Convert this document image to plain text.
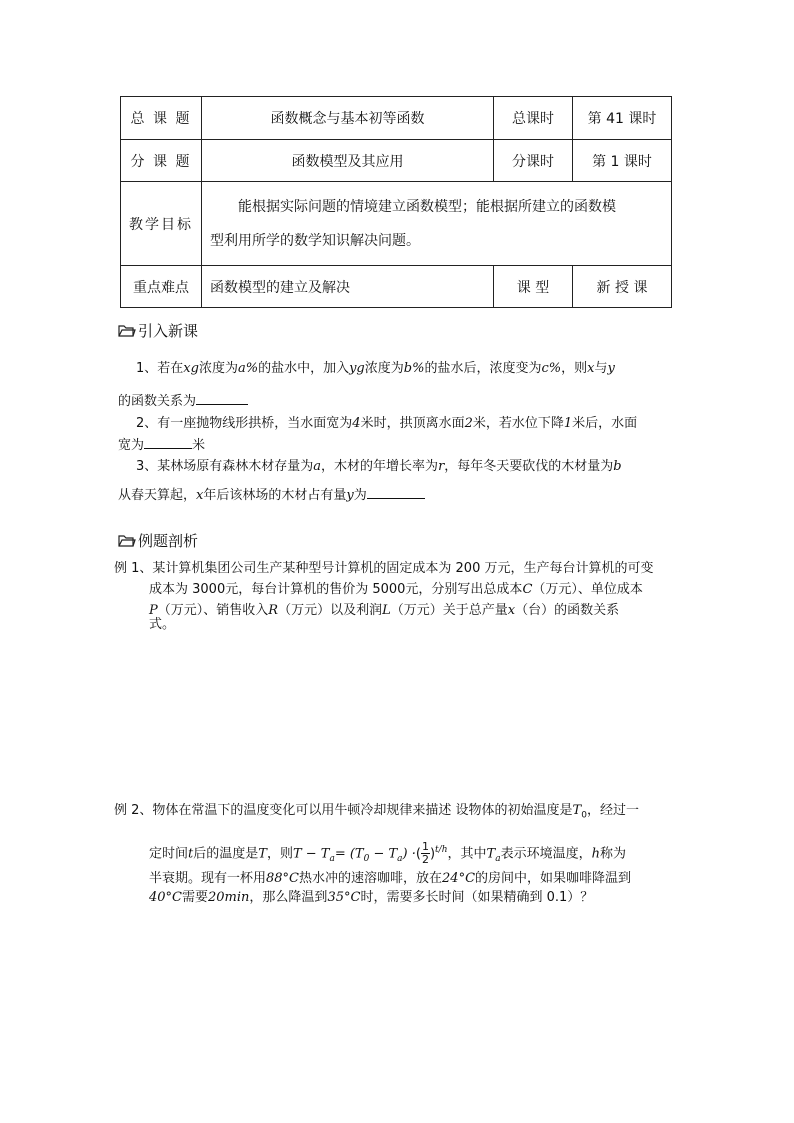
总 课 题	函数概念与基本初等函数	总课时	第 41 课时
分 课 题	函数模型及其应用	分课时	第 1 课时
教学目标	能根据实际问题的情境建立函数模型；能根据所建立的函数模
型利用所学的数学知识解决问题。		

重点难点	函数模型的建立及解决	课 型	新 授 课
引入新课
1、若在xg浓度为a%的盐水中，加入yg浓度为b%的盐水后，浓度变为c%，则x与y
的函数关系为
2、有一座抛物线形拱桥，当水面宽为4米时，拱顶离水面2米，若水位下降1米后，水面
宽为	米
3、某林场原有森林木材存量为a，木材的年增长率为r，每年冬天要砍伐的木材量为b
从春天算起，x年后该林场的木材占有量y为
例题剖析
例 1、某计算机集团公司生产某种型号计算机的固定成本为 200 万元，生产每台计算机的可变
成本为 3000元，每台计算机的售价为 5000元，分别写出总成本C（万元）、单位成本
P（万元）、销售收入R（万元）以及利润L（万元）关于总产量x（台）的函数关系
式。
例 2、物体在常温下的温度变化可以用牛顿冷却规律来描述 设物体的初始温度是$T_0$，经过一
定时间t后的温度是T，则$T - T_a= (T_0 - T_a)$ ·( $\frac{1}{2} )^{t/h}$，其中$T_a$表示环境温度，h称为
半衰期。现有一杯用88°C热水冲的速溶咖啡，放在24°C的房间中，如果咖啡降温到
40°C需要20min，那么降温到35°C时，需要多长时间（如果精确到 0.1）？
